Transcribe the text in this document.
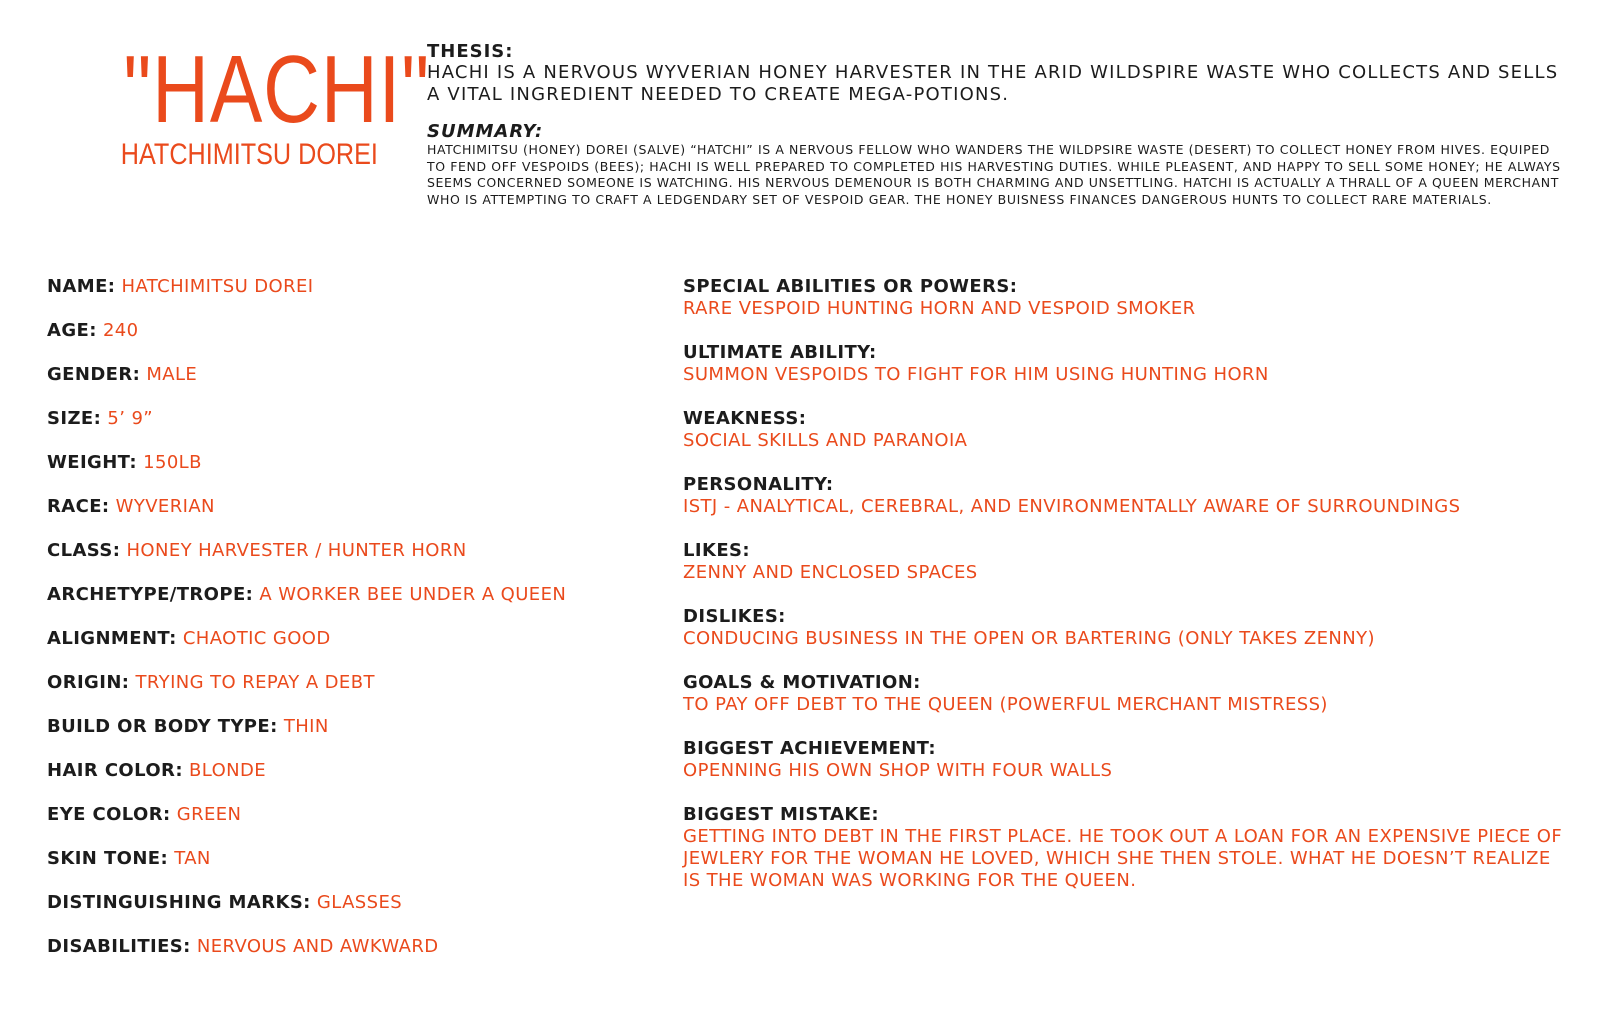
"HACHI"
HATCHIMITSU DOREI
THESIS:

HACHI IS A NERVOUS WYVERIAN HONEY HARVESTER IN THE ARID WILDSPIRE WASTE WHO COLLECTS AND SELLS A VITAL INGREDIENT NEEDED TO CREATE MEGA-POTIONS.

SUMMARY:

HATCHIMITSU (HONEY) DOREI (SALVE) “HATCHI” IS A NERVOUS FELLOW WHO WANDERS THE WILDPSIRE WASTE (DESERT) TO COLLECT HONEY FROM HIVES. EQUIPED TO FEND OFF VESPOIDS (BEES); HACHI IS WELL PREPARED TO COMPLETED HIS HARVESTING DUTIES. WHILE PLEASENT, AND HAPPY TO SELL SOME HONEY; HE ALWAYS SEEMS CONCERNED SOMEONE IS WATCHING. HIS NERVOUS DEMENOUR IS BOTH CHARMING AND UNSETTLING. HATCHI IS ACTUALLY A THRALL OF A QUEEN MERCHANT WHO IS ATTEMPTING TO CRAFT A LEDGENDARY SET OF VESPOID GEAR. THE HONEY BUISNESS FINANCES DANGEROUS HUNTS TO COLLECT RARE MATERIALS.

NAME: HATCHIMITSU DOREI
AGE: 240
GENDER: MALE
SIZE: 5’ 9”
WEIGHT: 150LB
RACE: WYVERIAN
CLASS: HONEY HARVESTER / HUNTER HORN
ARCHETYPE/TROPE: A WORKER BEE UNDER A QUEEN
ALIGNMENT: CHAOTIC GOOD
ORIGIN: TRYING TO REPAY A DEBT
BUILD OR BODY TYPE: THIN
HAIR COLOR: BLONDE
EYE COLOR: GREEN
SKIN TONE: TAN
DISTINGUISHING MARKS: GLASSES
DISABILITIES: NERVOUS AND AWKWARD
SPECIAL ABILITIES OR POWERS:

RARE VESPOID HUNTING HORN AND VESPOID SMOKER

ULTIMATE ABILITY:

SUMMON VESPOIDS TO FIGHT FOR HIM USING HUNTING HORN

WEAKNESS:

SOCIAL SKILLS AND PARANOIA

PERSONALITY:

ISTJ - ANALYTICAL, CEREBRAL, AND ENVIRONMENTALLY AWARE OF SURROUNDINGS

LIKES:

ZENNY AND ENCLOSED SPACES

DISLIKES:

CONDUCING BUSINESS IN THE OPEN OR BARTERING (ONLY TAKES ZENNY)

GOALS & MOTIVATION:

TO PAY OFF DEBT TO THE QUEEN (POWERFUL MERCHANT MISTRESS)

BIGGEST ACHIEVEMENT:

OPENNING HIS OWN SHOP WITH FOUR WALLS

BIGGEST MISTAKE:

GETTING INTO DEBT IN THE FIRST PLACE. HE TOOK OUT A LOAN FOR AN EXPENSIVE PIECE OF JEWLERY FOR THE WOMAN HE LOVED, WHICH SHE THEN STOLE. WHAT HE DOESN’T REALIZE IS THE WOMAN WAS WORKING FOR THE QUEEN.
